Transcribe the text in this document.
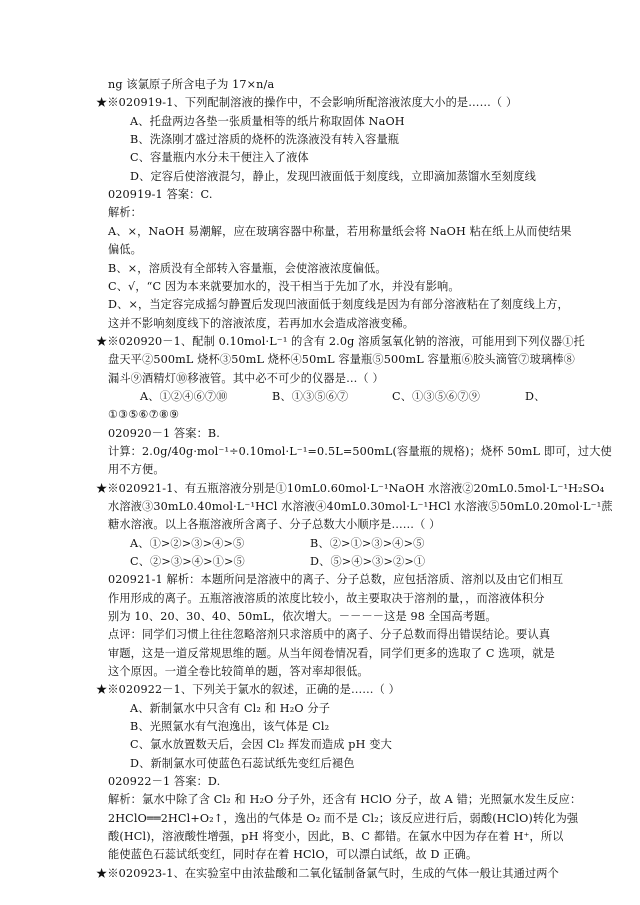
ng 该氯原子所含电子为 17×n/a
★※020919-1、下列配制溶液的操作中，不会影响所配溶液浓度大小的是……（ ）
A、托盘两边各垫一张质量相等的纸片称取固体 NaOH
B、洗涤刚才盛过溶质的烧杯的洗涤液没有转入容量瓶
C、容量瓶内水分未干便注入了液体
D、定容后使溶液混匀，静止，发现凹液面低于刻度线，立即滴加蒸馏水至刻度线
020919-1 答案：C.
解析：
A、×，NaOH 易潮解，应在玻璃容器中称量，若用称量纸会将 NaOH 粘在纸上从而使结果
偏低。
B、×，溶质没有全部转入容量瓶，会使溶液浓度偏低。
C、√，“C 因为本来就要加水的，没干相当于先加了水，并没有影响。
D、×，当定容完成摇匀静置后发现凹液面低于刻度线是因为有部分溶液粘在了刻度线上方，
这并不影响刻度线下的溶液浓度，若再加水会造成溶液变稀。
★※020920－1、配制 0.10mol·L⁻¹ 的含有 2.0g 溶质氢氧化钠的溶液，可能用到下列仪器①托
盘天平②500mL 烧杯③50mL 烧杯④50mL 容量瓶⑤500mL 容量瓶⑥胶头滴管⑦玻璃棒⑧
漏斗⑨酒精灯⑩移液管。其中必不可少的仪器是…（ ）
A、①②④⑥⑦⑩	B、①③⑤⑥⑦	C、①③⑤⑥⑦⑨	D、
①③⑤⑥⑦⑧⑨
020920－1 答案：B.
计算：2.0g/40g·mol⁻¹÷0.10mol·L⁻¹=0.5L=500mL(容量瓶的规格)；烧杯 50mL 即可，过大使
用不方便。
★※020921-1、有五瓶溶液分别是①10mL0.60mol·L⁻¹NaOH 水溶液②20mL0.5mol·L⁻¹H₂SO₄
水溶液③30mL0.40mol·L⁻¹HCl 水溶液④40mL0.30mol·L⁻¹HCl 水溶液⑤50mL0.20mol·L⁻¹蔗
糖水溶液。以上各瓶溶液所含离子、分子总数大小顺序是……（ ）
A、①>②>③>④>⑤	B、②>①>③>④>⑤
C、②>③>④>①>⑤	D、⑤>④>③>②>①
020921-1 解析：本题所问是溶液中的离子、分子总数，应包括溶质、溶剂以及由它们相互
作用形成的离子。五瓶溶液溶质的浓度比较小，故主要取决于溶剂的量，，而溶液体积分
别为 10、20、30、40、50mL，依次增大。－－－－这是 98 全国高考题。
点评：同学们习惯上往往忽略溶剂只求溶质中的离子、分子总数而得出错误结论。要认真
审题，这是一道反常规思维的题。从当年阅卷情况看，同学们更多的选取了 C 选项，就是
这个原因。一道全卷比较简单的题，答对率却很低。
★※020922－1、下列关于氯水的叙述，正确的是……（ ）
A、新制氯水中只含有 Cl₂ 和 H₂O 分子
B、光照氯水有气泡逸出，该气体是 Cl₂
C、氯水放置数天后，会因 Cl₂ 挥发而造成 pH 变大
D、新制氯水可使蓝色石蕊试纸先变红后褪色
020922－1 答案：D.
解析：氯水中除了含 Cl₂ 和 H₂O 分子外，还含有 HClO 分子，故 A 错；光照氯水发生反应：
2HClO══2HCl+O₂↑，逸出的气体是 O₂ 而不是 Cl₂；该反应进行后，弱酸(HClO)转化为强
酸(HCl)，溶液酸性增强，pH 将变小，因此，B、C 都错。在氯水中因为存在着 H⁺，所以
能使蓝色石蕊试纸变红，同时存在着 HClO，可以漂白试纸，故 D 正确。
★※020923-1、在实验室中由浓盐酸和二氧化锰制备氯气时，生成的气体一般让其通过两个
